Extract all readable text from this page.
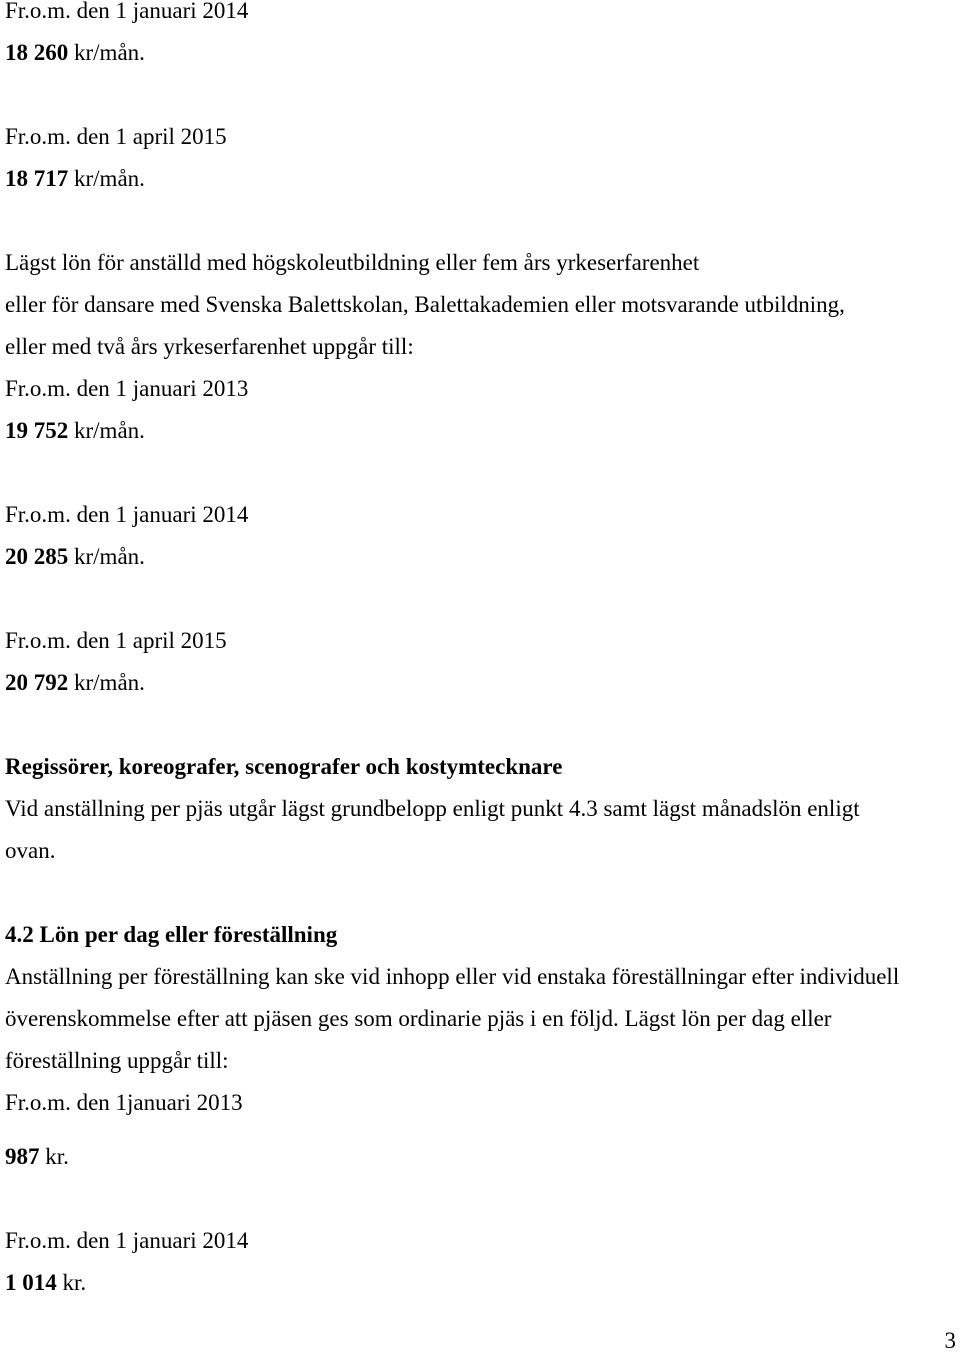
Fr.o.m. den 1 januari 2014
18 260 kr/mån.
Fr.o.m. den 1 april 2015
18 717 kr/mån.
Lägst lön för anställd med högskoleutbildning eller fem års yrkeserfarenhet
eller för dansare med Svenska Balettskolan, Balettakademien eller motsvarande utbildning,
eller med två års yrkeserfarenhet uppgår till:
Fr.o.m. den 1 januari 2013
19 752 kr/mån.
Fr.o.m. den 1 januari 2014
20 285 kr/mån.
Fr.o.m. den 1 april 2015
20 792 kr/mån.
Regissörer, koreografer, scenografer och kostymtecknare
Vid anställning per pjäs utgår lägst grundbelopp enligt punkt 4.3 samt lägst månadslön enligt
ovan.
4.2 Lön per dag eller föreställning
Anställning per föreställning kan ske vid inhopp eller vid enstaka föreställningar efter individuell
överenskommelse efter att pjäsen ges som ordinarie pjäs i en följd. Lägst lön per dag eller
föreställning uppgår till:
Fr.o.m. den 1januari 2013
987 kr.
Fr.o.m. den 1 januari 2014
1 014 kr.
3
